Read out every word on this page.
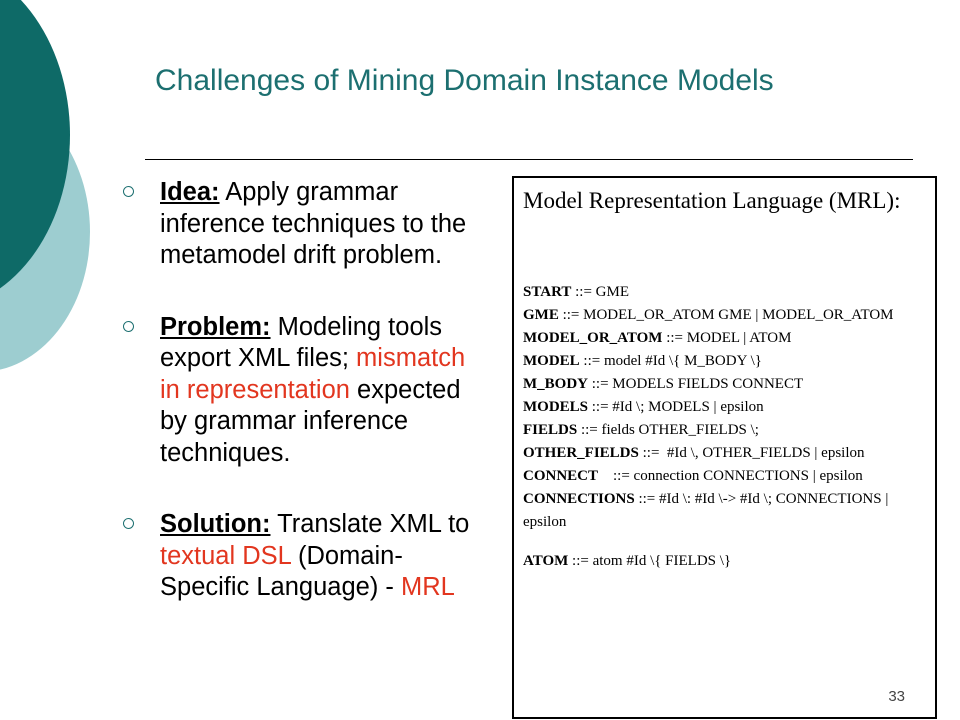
Challenges of Mining Domain Instance Models
Idea: Apply grammar inference techniques to the metamodel drift problem.
Problem: Modeling tools export XML files; mismatch in representation expected by grammar inference techniques.
Solution: Translate XML to textual DSL (Domain-Specific Language) - MRL
Model Representation Language (MRL):
START ::= GME
GME ::= MODEL_OR_ATOM GME | MODEL_OR_ATOM
MODEL_OR_ATOM ::= MODEL | ATOM
MODEL ::= model #Id \{ M_BODY \}
M_BODY ::= MODELS FIELDS CONNECT
MODELS ::= #Id \; MODELS | epsilon
FIELDS ::= fields OTHER_FIELDS \;
OTHER_FIELDS ::=  #Id \, OTHER_FIELDS | epsilon
CONNECT    ::= connection CONNECTIONS | epsilon
CONNECTIONS ::= #Id \: #Id \-> #Id \; CONNECTIONS | epsilon
ATOM ::= atom #Id \{ FIELDS \}
33
